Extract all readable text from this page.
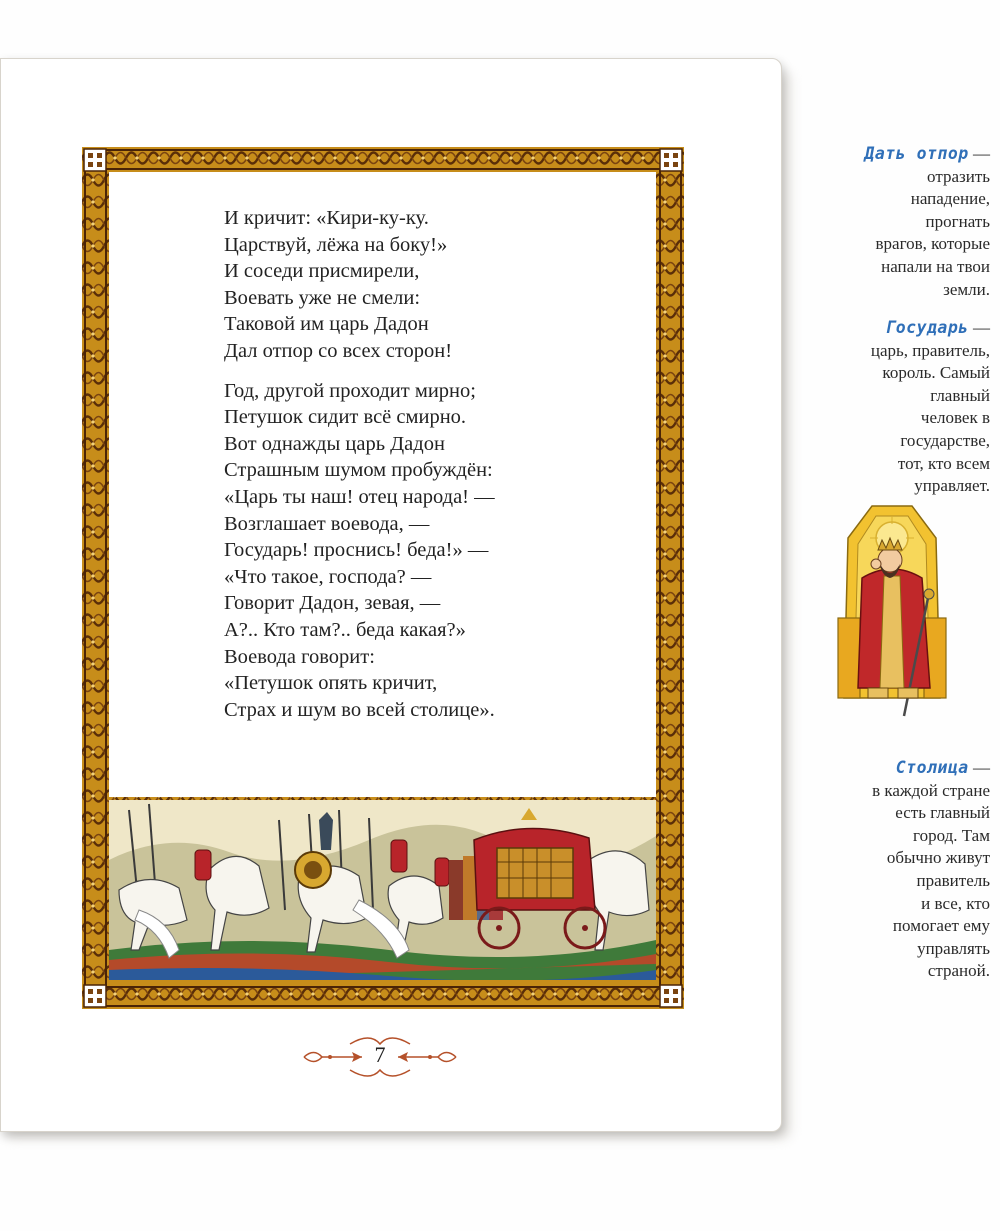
И кричит: «Кири-ку-ку.
Царствуй, лёжа на боку!»
И соседи присмирели,
Воевать уже не смели:
Таковой им царь Дадон
Дал отпор со всех сторон!

Год, другой проходит мирно;
Петушок сидит всё смирно.
Вот однажды царь Дадон
Страшным шумом пробуждён:
«Царь ты наш! отец народа! —
Возглашает воевода, —
Государь! проснись! беда!» —
«Что такое, господа? —
Говорит Дадон, зевая, —
А?.. Кто там?.. беда какая?»
Воевода говорит:
«Петушок опять кричит,
Страх и шум во всей столице».

7
Дать отпор —
отразить
нападение,
прогнать
врагов, которые
напали на твои
земли.
Государь —
царь, правитель,
король. Самый
главный
человек в
государстве,
тот, кто всем
управляет.
Столица —
в каждой стране
есть главный
город. Там
обычно живут
правитель
и все, кто
помогает ему
управлять
страной.
